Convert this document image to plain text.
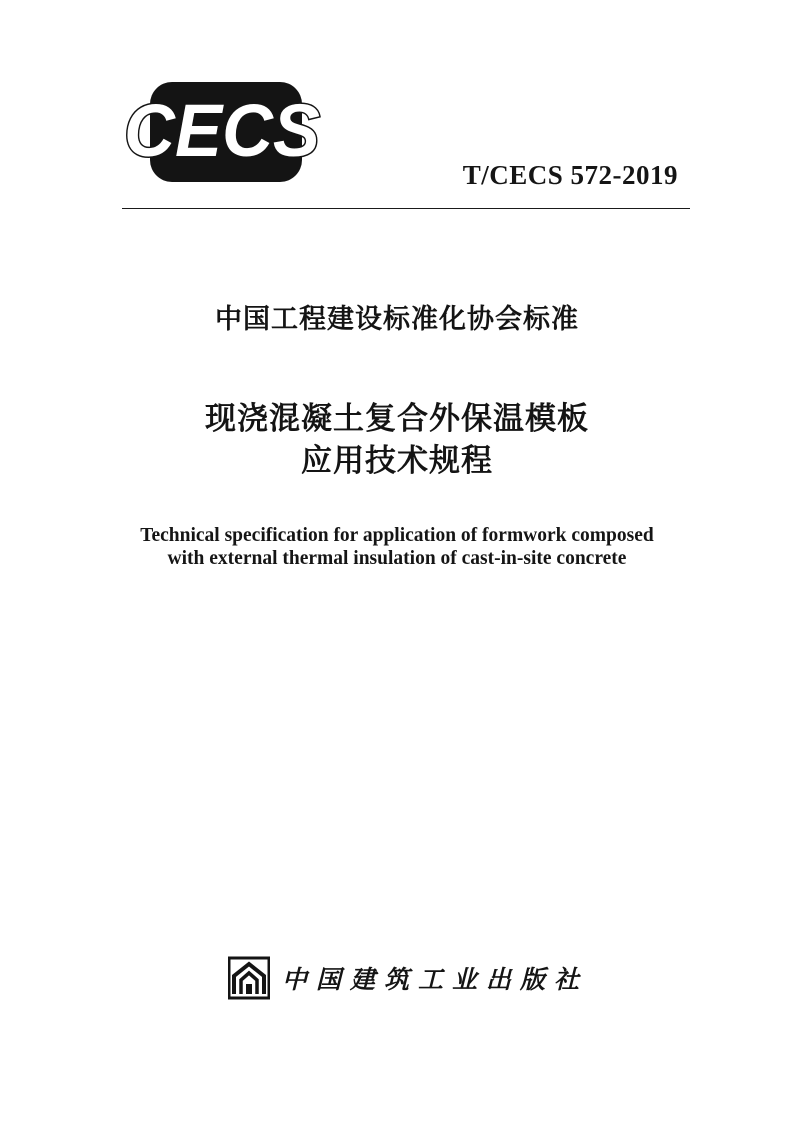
CECS
T/CECS 572-2019
中国工程建设标准化协会标准
现浇混凝土复合外保温模板
应用技术规程
Technical specification for application of formwork composed
with external thermal insulation of cast-in-site concrete
中国建筑工业出版社
